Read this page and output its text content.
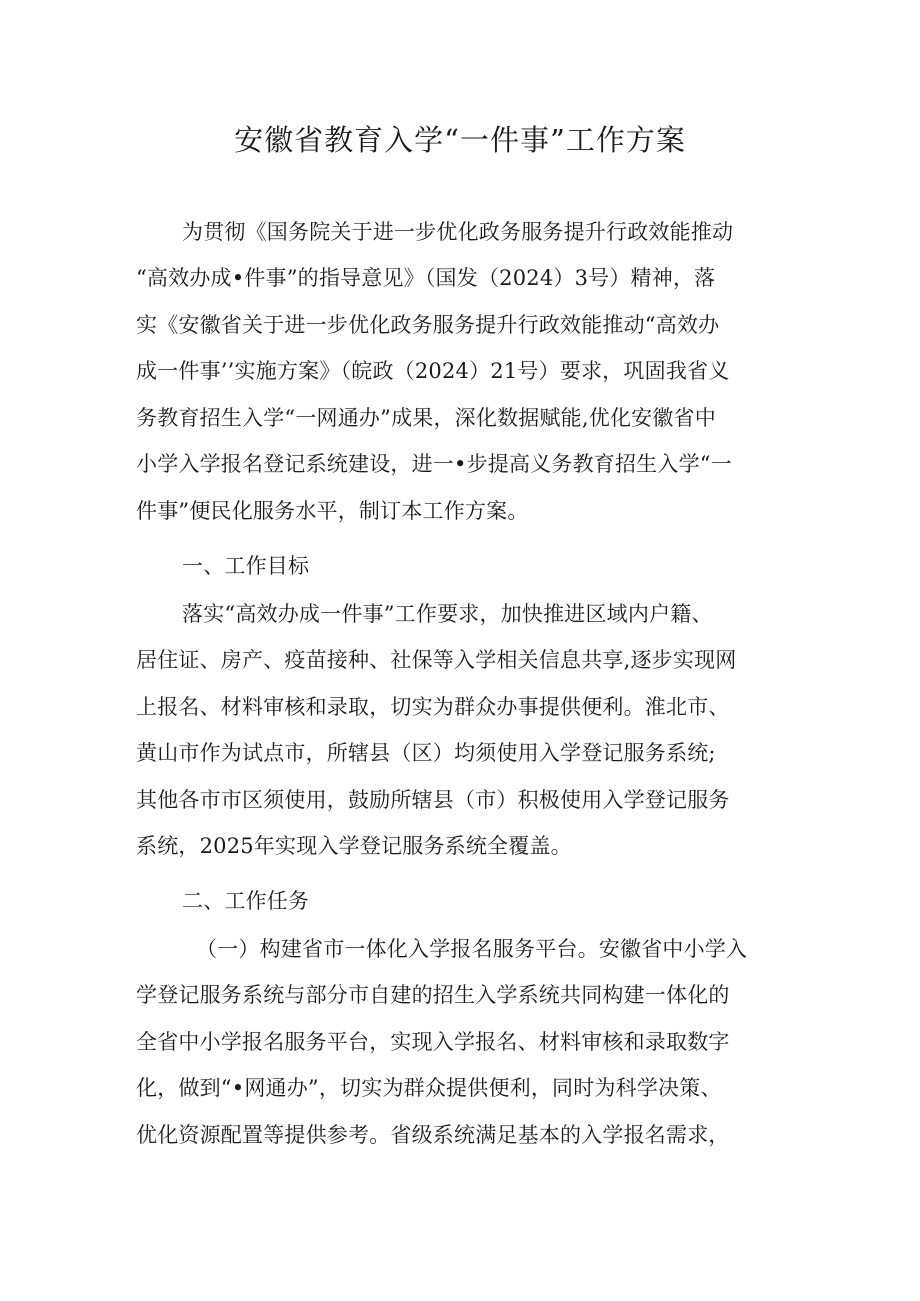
安徽省教育入学“一件事”工作方案
为贯彻《国务院关于进一步优化政务服务提升行政效能推动
“高效办成•件事”的指导意见》（国发（2024）3号）精神，落
实《安徽省关于进一步优化政务服务提升行政效能推动“高效办
成一件事’’实施方案》（皖政（2024）21号）要求，巩固我省义
务教育招生入学“一网通办”成果，深化数据赋能,优化安徽省中
小学入学报名登记系统建设，进一•步提高义务教育招生入学“一
件事”便民化服务水平，制订本工作方案。
一、工作目标
落实“高效办成一件事”工作要求，加快推进区域内户籍、
居住证、房产、疫苗接种、社保等入学相关信息共享,逐步实现网
上报名、材料审核和录取，切实为群众办事提供便利。淮北市、
黄山市作为试点市，所辖县（区）均须使用入学登记服务系统;
其他各市市区须使用，鼓励所辖县（市）积极使用入学登记服务
系统，2025年实现入学登记服务系统全覆盖。
二、工作任务
（一）构建省市一体化入学报名服务平台。安徽省中小学入
学登记服务系统与部分市自建的招生入学系统共同构建一体化的
全省中小学报名服务平台，实现入学报名、材料审核和录取数字
化，做到“•网通办”，切实为群众提供便利，同时为科学决策、
优化资源配置等提供参考。省级系统满足基本的入学报名需求，
